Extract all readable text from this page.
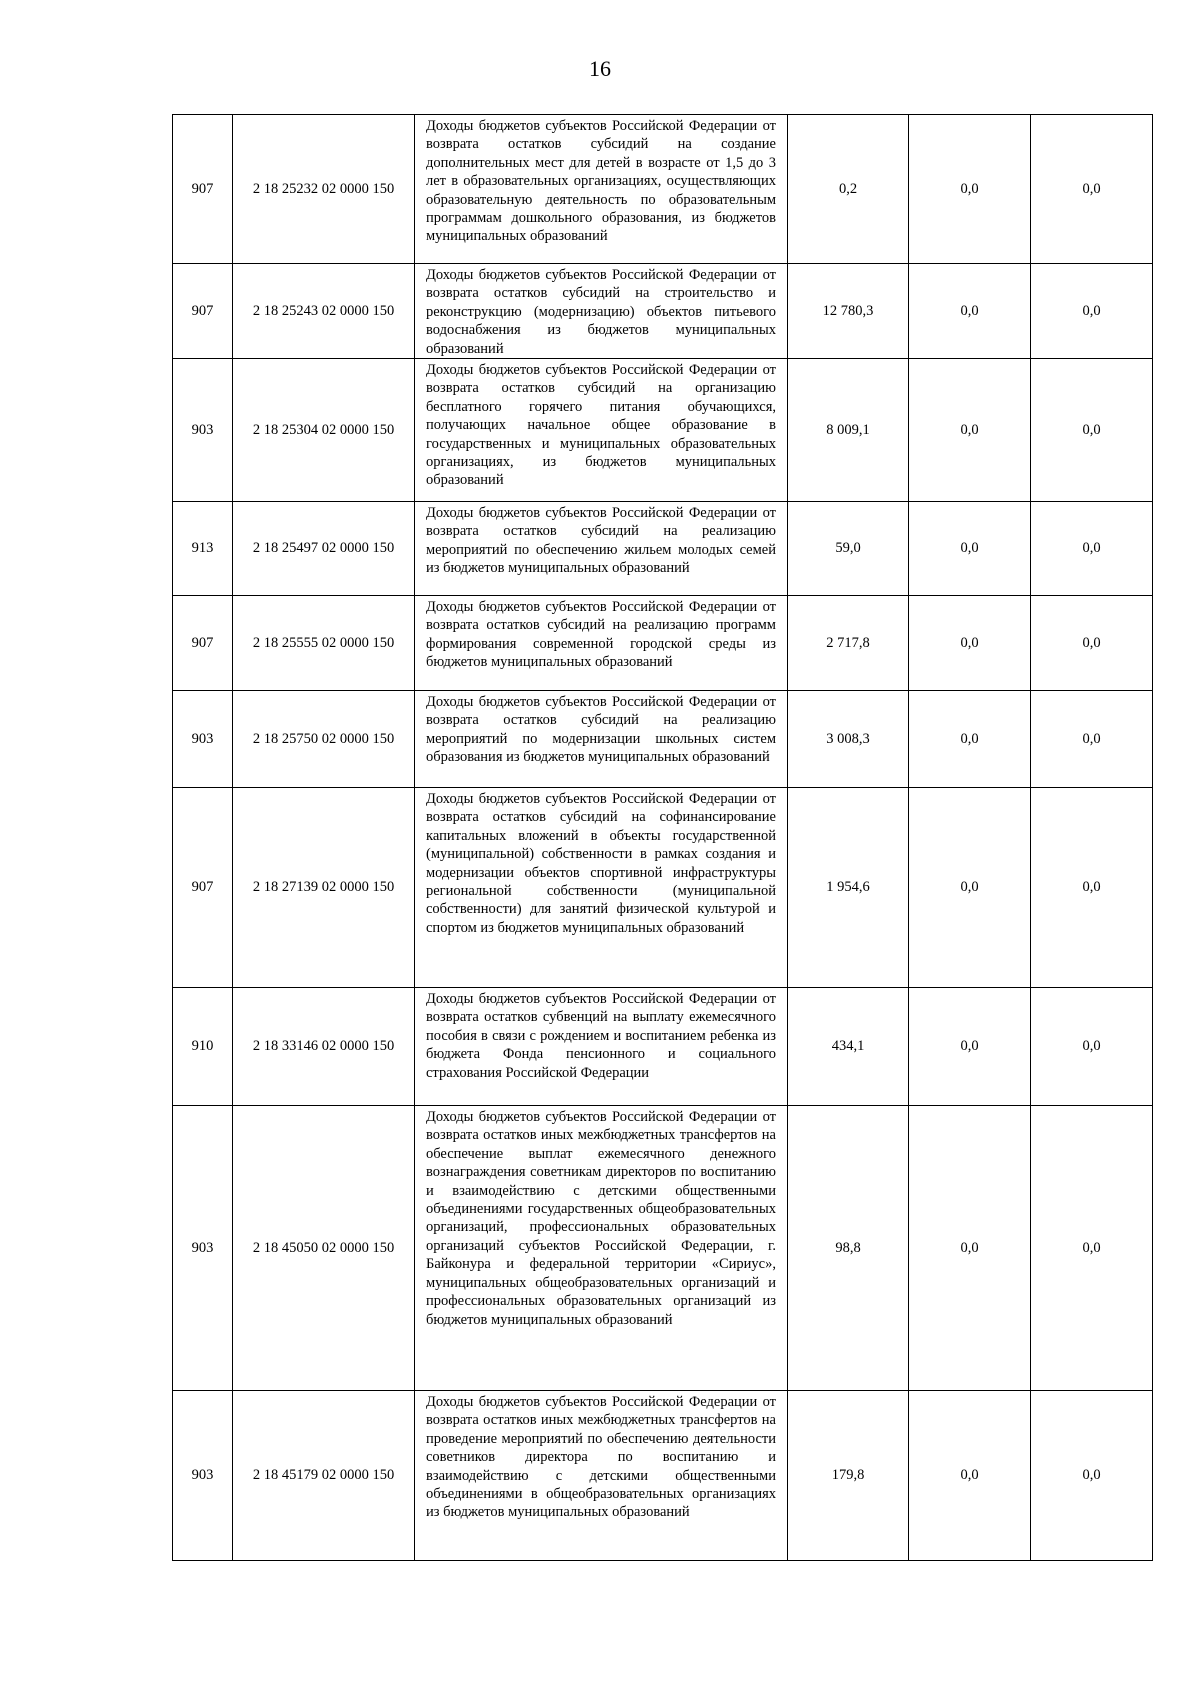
16
907	2 18 25232 02 0000 150	Доходы бюджетов субъектов Российской Федерации от возврата остатков субсидий на создание дополнительных мест для детей в возрасте от 1,5 до 3 лет в образовательных организациях, осуществляющих образовательную деятельность по образовательным программам дошкольного образования, из бюджетов муниципальных образований	0,2	0,0	0,0
907	2 18 25243 02 0000 150	Доходы бюджетов субъектов Российской Федерации от возврата остатков субсидий на строительство и реконструкцию (модернизацию) объектов питьевого водоснабжения из бюджетов муниципальных образований	12 780,3	0,0	0,0
903	2 18 25304 02 0000 150	Доходы бюджетов субъектов Российской Федерации от возврата остатков субсидий на организацию бесплатного горячего питания обучающихся, получающих начальное общее образование в государственных и муниципальных образовательных организациях, из бюджетов муниципальных образований	8 009,1	0,0	0,0
913	2 18 25497 02 0000 150	Доходы бюджетов субъектов Российской Федерации от возврата остатков субсидий на реализацию мероприятий по обеспечению жильем молодых семей из бюджетов муниципальных образований	59,0	0,0	0,0
907	2 18 25555 02 0000 150	Доходы бюджетов субъектов Российской Федерации от возврата остатков субсидий на реализацию программ формирования современной городской среды из бюджетов муниципальных образований	2 717,8	0,0	0,0
903	2 18 25750 02 0000 150	Доходы бюджетов субъектов Российской Федерации от возврата остатков субсидий на реализацию мероприятий по модернизации школьных систем образования из бюджетов муниципальных образований	3 008,3	0,0	0,0
907	2 18 27139 02 0000 150	Доходы бюджетов субъектов Российской Федерации от возврата остатков субсидий на софинансирование капитальных вложений в объекты государственной (муниципальной) собственности в рамках создания и модернизации объектов спортивной инфраструктуры региональной собственности (муниципальной собственности) для занятий физической культурой и спортом из бюджетов муниципальных образований	1 954,6	0,0	0,0
910	2 18 33146 02 0000 150	Доходы бюджетов субъектов Российской Федерации от возврата остатков субвенций на выплату ежемесячного пособия в связи с рождением и воспитанием ребенка из бюджета Фонда пенсионного и социального страхования Российской Федерации	434,1	0,0	0,0
903	2 18 45050 02 0000 150	Доходы бюджетов субъектов Российской Федерации от возврата остатков иных межбюджетных трансфертов на обеспечение выплат ежемесячного денежного вознаграждения советникам директоров по воспитанию и взаимодействию с детскими общественными объединениями государственных общеобразовательных организаций, профессиональных образовательных организаций субъектов Российской Федерации, г. Байконура и федеральной территории «Сириус», муниципальных общеобразовательных организаций и профессиональных образовательных организаций из бюджетов муниципальных образований	98,8	0,0	0,0
903	2 18 45179 02 0000 150	Доходы бюджетов субъектов Российской Федерации от возврата остатков иных межбюджетных трансфертов на проведение мероприятий по обеспечению деятельности советников директора по воспитанию и взаимодействию с детскими общественными объединениями в общеобразовательных организациях из бюджетов муниципальных образований	179,8	0,0	0,0
